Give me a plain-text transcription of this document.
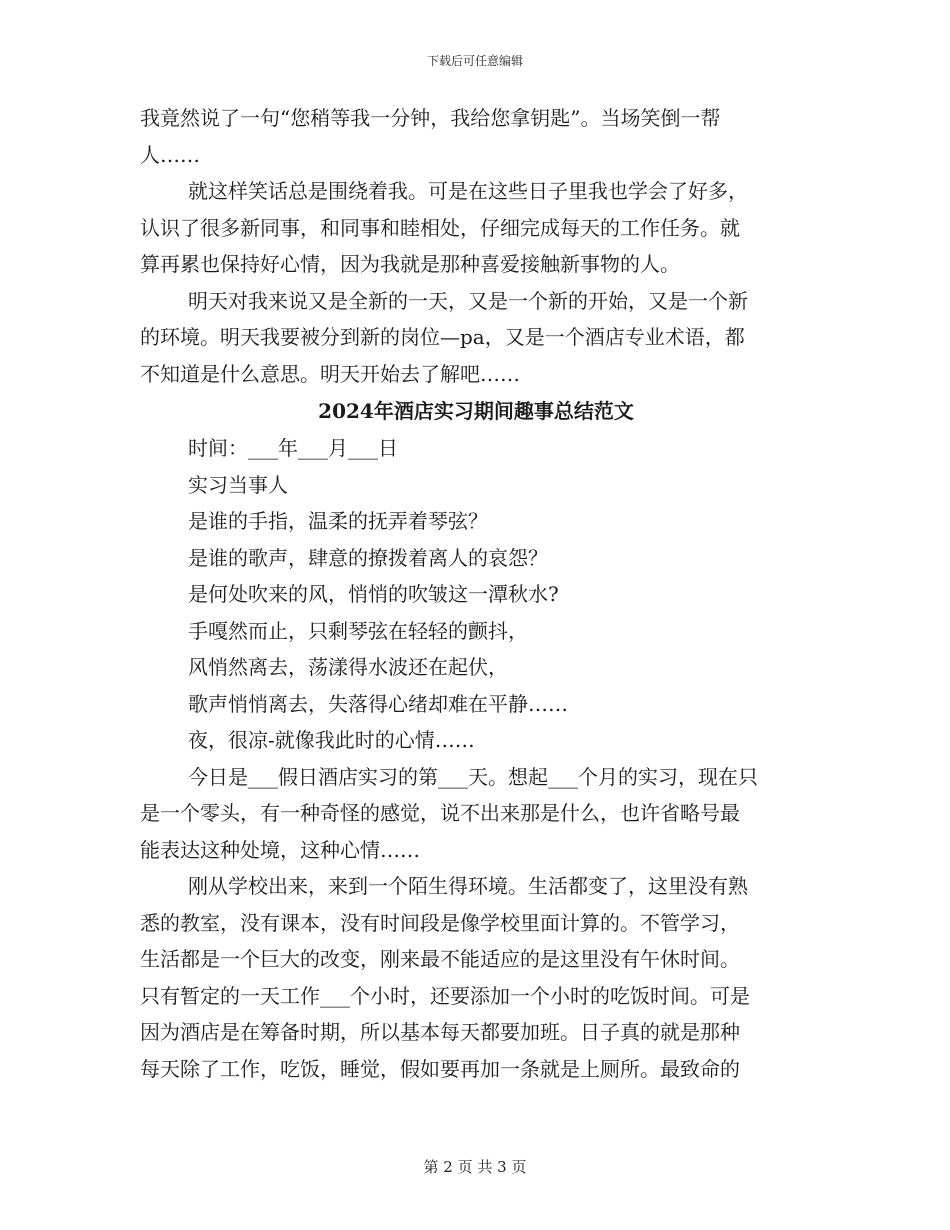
下载后可任意编辑
我竟然说了一句“您稍等我一分钟，我给您拿钥匙”。当场笑倒一帮
人……
就这样笑话总是围绕着我。可是在这些日子里我也学会了好多，
认识了很多新同事，和同事和睦相处，仔细完成每天的工作任务。就
算再累也保持好心情，因为我就是那种喜爱接触新事物的人。
明天对我来说又是全新的一天，又是一个新的开始，又是一个新
的环境。明天我要被分到新的岗位—pa，又是一个酒店专业术语，都
不知道是什么意思。明天开始去了解吧……
2024年酒店实习期间趣事总结范文
时间：___年___月___日
实习当事人
是谁的手指，温柔的抚弄着琴弦？
是谁的歌声，肆意的撩拨着离人的哀怨？
是何处吹来的风，悄悄的吹皱这一潭秋水?
手嘎然而止，只剩琴弦在轻轻的颤抖，
风悄然离去，荡漾得水波还在起伏，
歌声悄悄离去，失落得心绪却难在平静……
夜，很凉-就像我此时的心情……
今日是___假日酒店实习的第___天。想起___个月的实习，现在只
是一个零头，有一种奇怪的感觉，说不出来那是什么，也许省略号最
能表达这种处境，这种心情……
刚从学校出来，来到一个陌生得环境。生活都变了，这里没有熟
悉的教室，没有课本，没有时间段是像学校里面计算的。不管学习，
生活都是一个巨大的改变，刚来最不能适应的是这里没有午休时间。
只有暂定的一天工作___个小时，还要添加一个小时的吃饭时间。可是
因为酒店是在筹备时期，所以基本每天都要加班。日子真的就是那种
每天除了工作，吃饭，睡觉，假如要再加一条就是上厕所。最致命的
第 2 页 共 3 页
